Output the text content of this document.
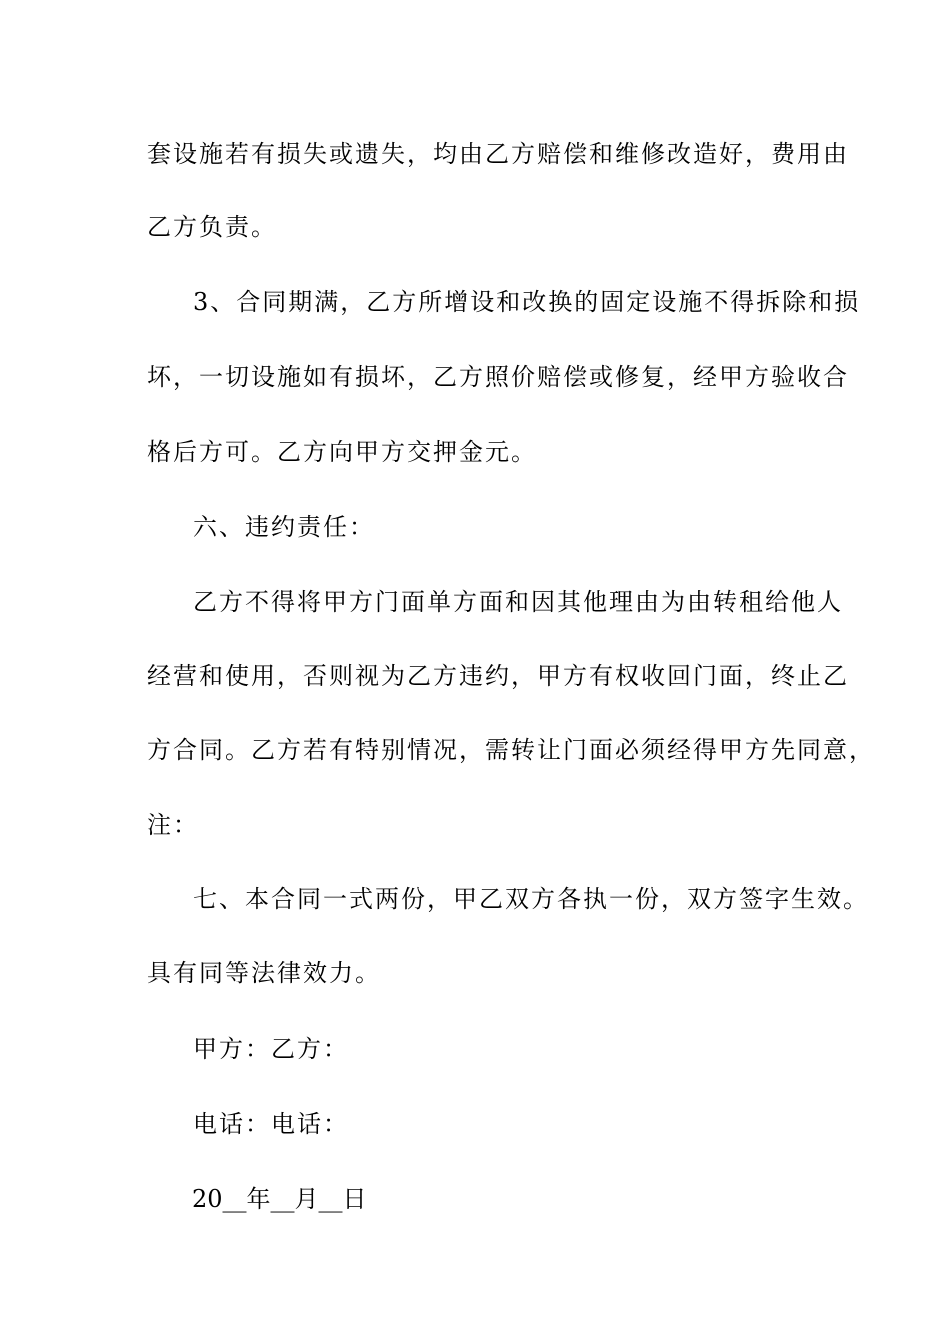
套设施若有损失或遗失，均由乙方赔偿和维修改造好，费用由
乙方负责。
3、合同期满，乙方所增设和改换的固定设施不得拆除和损
坏，一切设施如有损坏，乙方照价赔偿或修复，经甲方验收合
格后方可。乙方向甲方交押金元。
六、违约责任：
乙方不得将甲方门面单方面和因其他理由为由转租给他人
经营和使用，否则视为乙方违约，甲方有权收回门面，终止乙
方合同。乙方若有特别情况，需转让门面必须经得甲方先同意，
注：
七、本合同一式两份，甲乙双方各执一份，双方签字生效。
具有同等法律效力。
甲方：乙方：
电话：电话：
20__年__月__日
